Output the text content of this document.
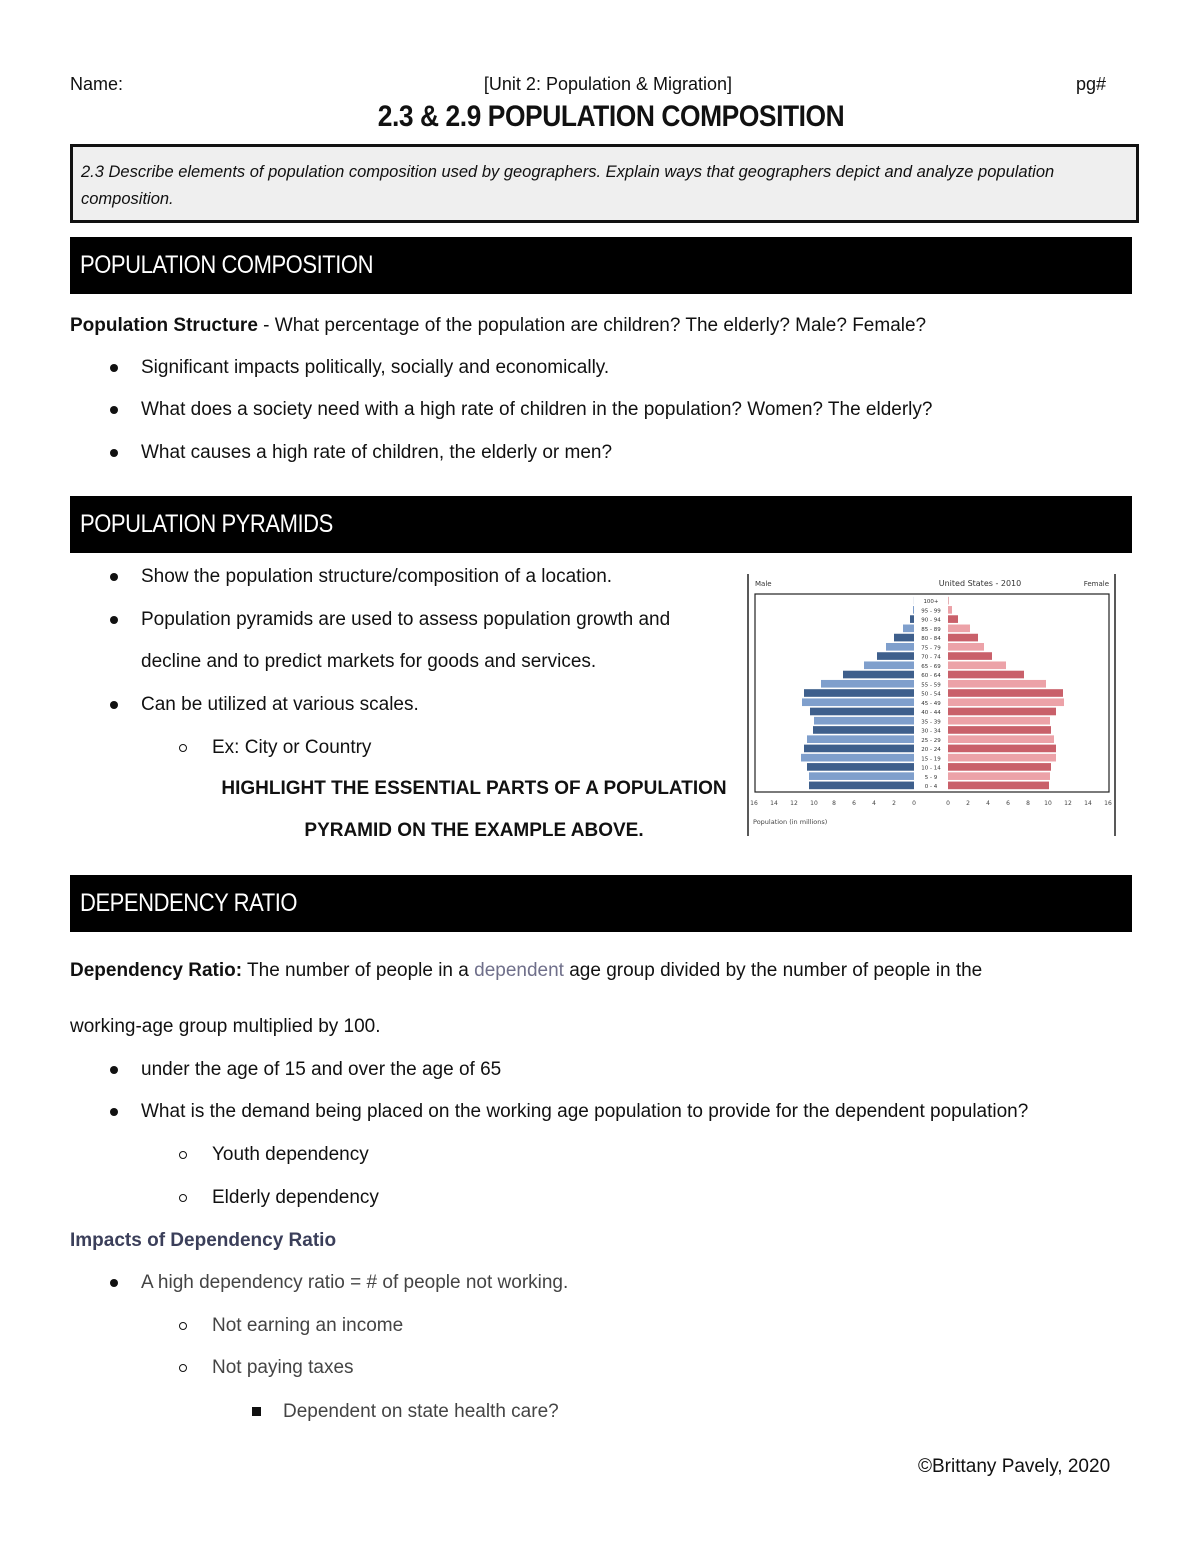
Name:	[Unit 2: Population & Migration]	pg#
2.3 & 2.9 POPULATION COMPOSITION
2.3 Describe elements of population composition used by geographers. Explain ways that geographers depict and analyze population composition.
POPULATION COMPOSITION
Population Structure - What percentage of the population are children? The elderly? Male? Female?
Significant impacts politically, socially and economically.
What does a society need with a high rate of children in the population? Women? The elderly?
What causes a high rate of children, the elderly or men?
POPULATION PYRAMIDS
Show the population structure/composition of a location.
Population pyramids are used to assess population growth and
decline and to predict markets for goods and services.
Can be utilized at various scales.
Ex: City or Country
HIGHLIGHT THE ESSENTIAL PARTS OF A POPULATION
PYRAMID ON THE EXAMPLE ABOVE.
Male	United States - 2010	Female
100+
95 - 99
90 - 94
85 - 89
80 - 84
75 - 79
70 - 74
65 - 69
60 - 64
55 - 59
50 - 54
45 - 49
40 - 44
35 - 39
30 - 34
25 - 29
20 - 24
15 - 19
10 - 14
5 - 9
0 - 4
16 14 12 10 8	6	4	2	0	0	2	4	6	8 10 12 14 16
Population (in millions)
DEPENDENCY RATIO
Dependency Ratio: The number of people in a dependent age group divided by the number of people in the
working-age group multiplied by 100.
under the age of 15 and over the age of 65
What is the demand being placed on the working age population to provide for the dependent population?
Youth dependency
Elderly dependency
Impacts of Dependency Ratio
A high dependency ratio = # of people not working.
Not earning an income
Not paying taxes
Dependent on state health care?
©Brittany Pavely, 2020
